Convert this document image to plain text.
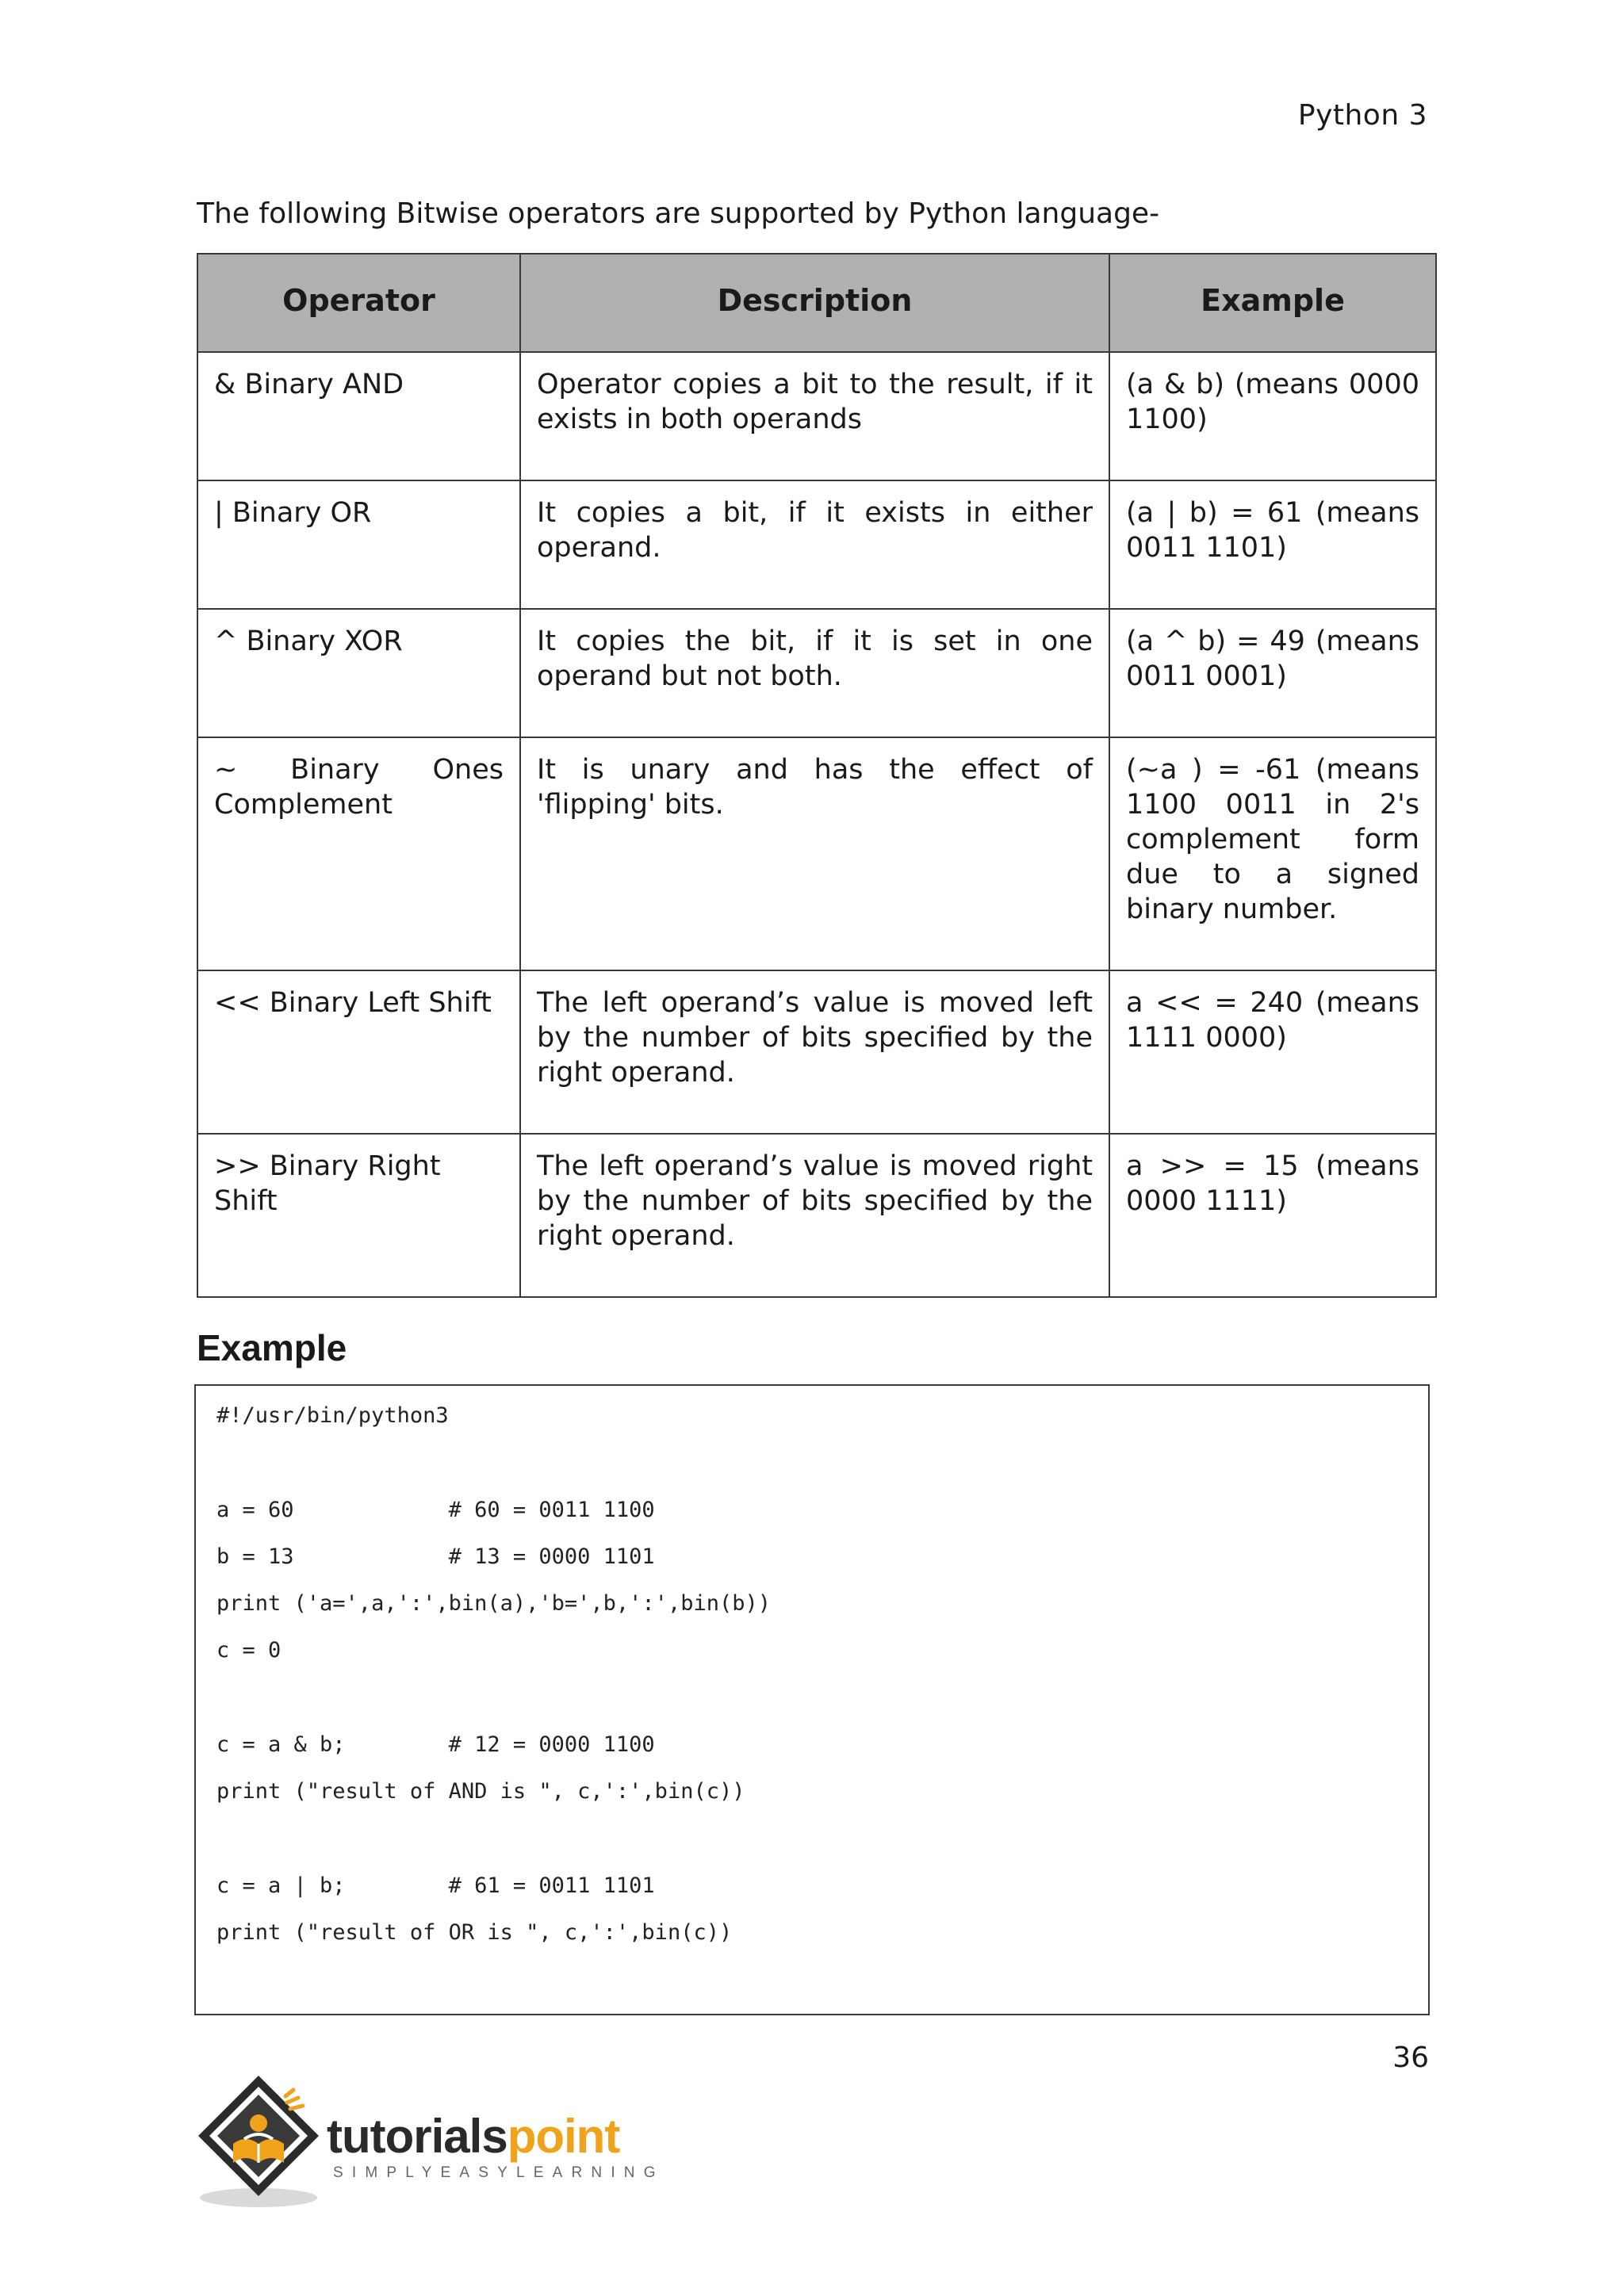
Python 3
The following Bitwise operators are supported by Python language-
Operator	Description	Example
& Binary AND	Operator copies a bit to the result, if it exists in both operands	(a & b) (means 0000 1100)
| Binary OR	It copies a bit, if it exists in either operand.	(a | b) = 61 (means 0011 1101)
^ Binary XOR	It copies the bit, if it is set in one operand but not both.	(a ^ b) = 49 (means 0011 0001)
~ Binary Ones Complement	It is unary and has the effect of 'flipping' bits.	(~a ) = -61 (means 1100 0011 in 2's complement form due to a signed binary number.
<< Binary Left Shift	The left operand’s value is moved left by the number of bits specified by the right operand.	a << = 240 (means 1111 0000)
>> Binary Right Shift	The left operand’s value is moved right by the number of bits specified by the right operand.	a >> = 15 (means 0000 1111)
Example
#!/usr/bin/python3
a = 60            # 60 = 0011 1100
b = 13            # 13 = 0000 1101
print ('a=',a,':',bin(a),'b=',b,':',bin(b))
c = 0
c = a & b;        # 12 = 0000 1100
print ("result of AND is ", c,':',bin(c))
c = a | b;        # 61 = 0011 1101
print ("result of OR is ", c,':',bin(c))
36
tutorialspoint
SIMPLYEASYLEARNING
